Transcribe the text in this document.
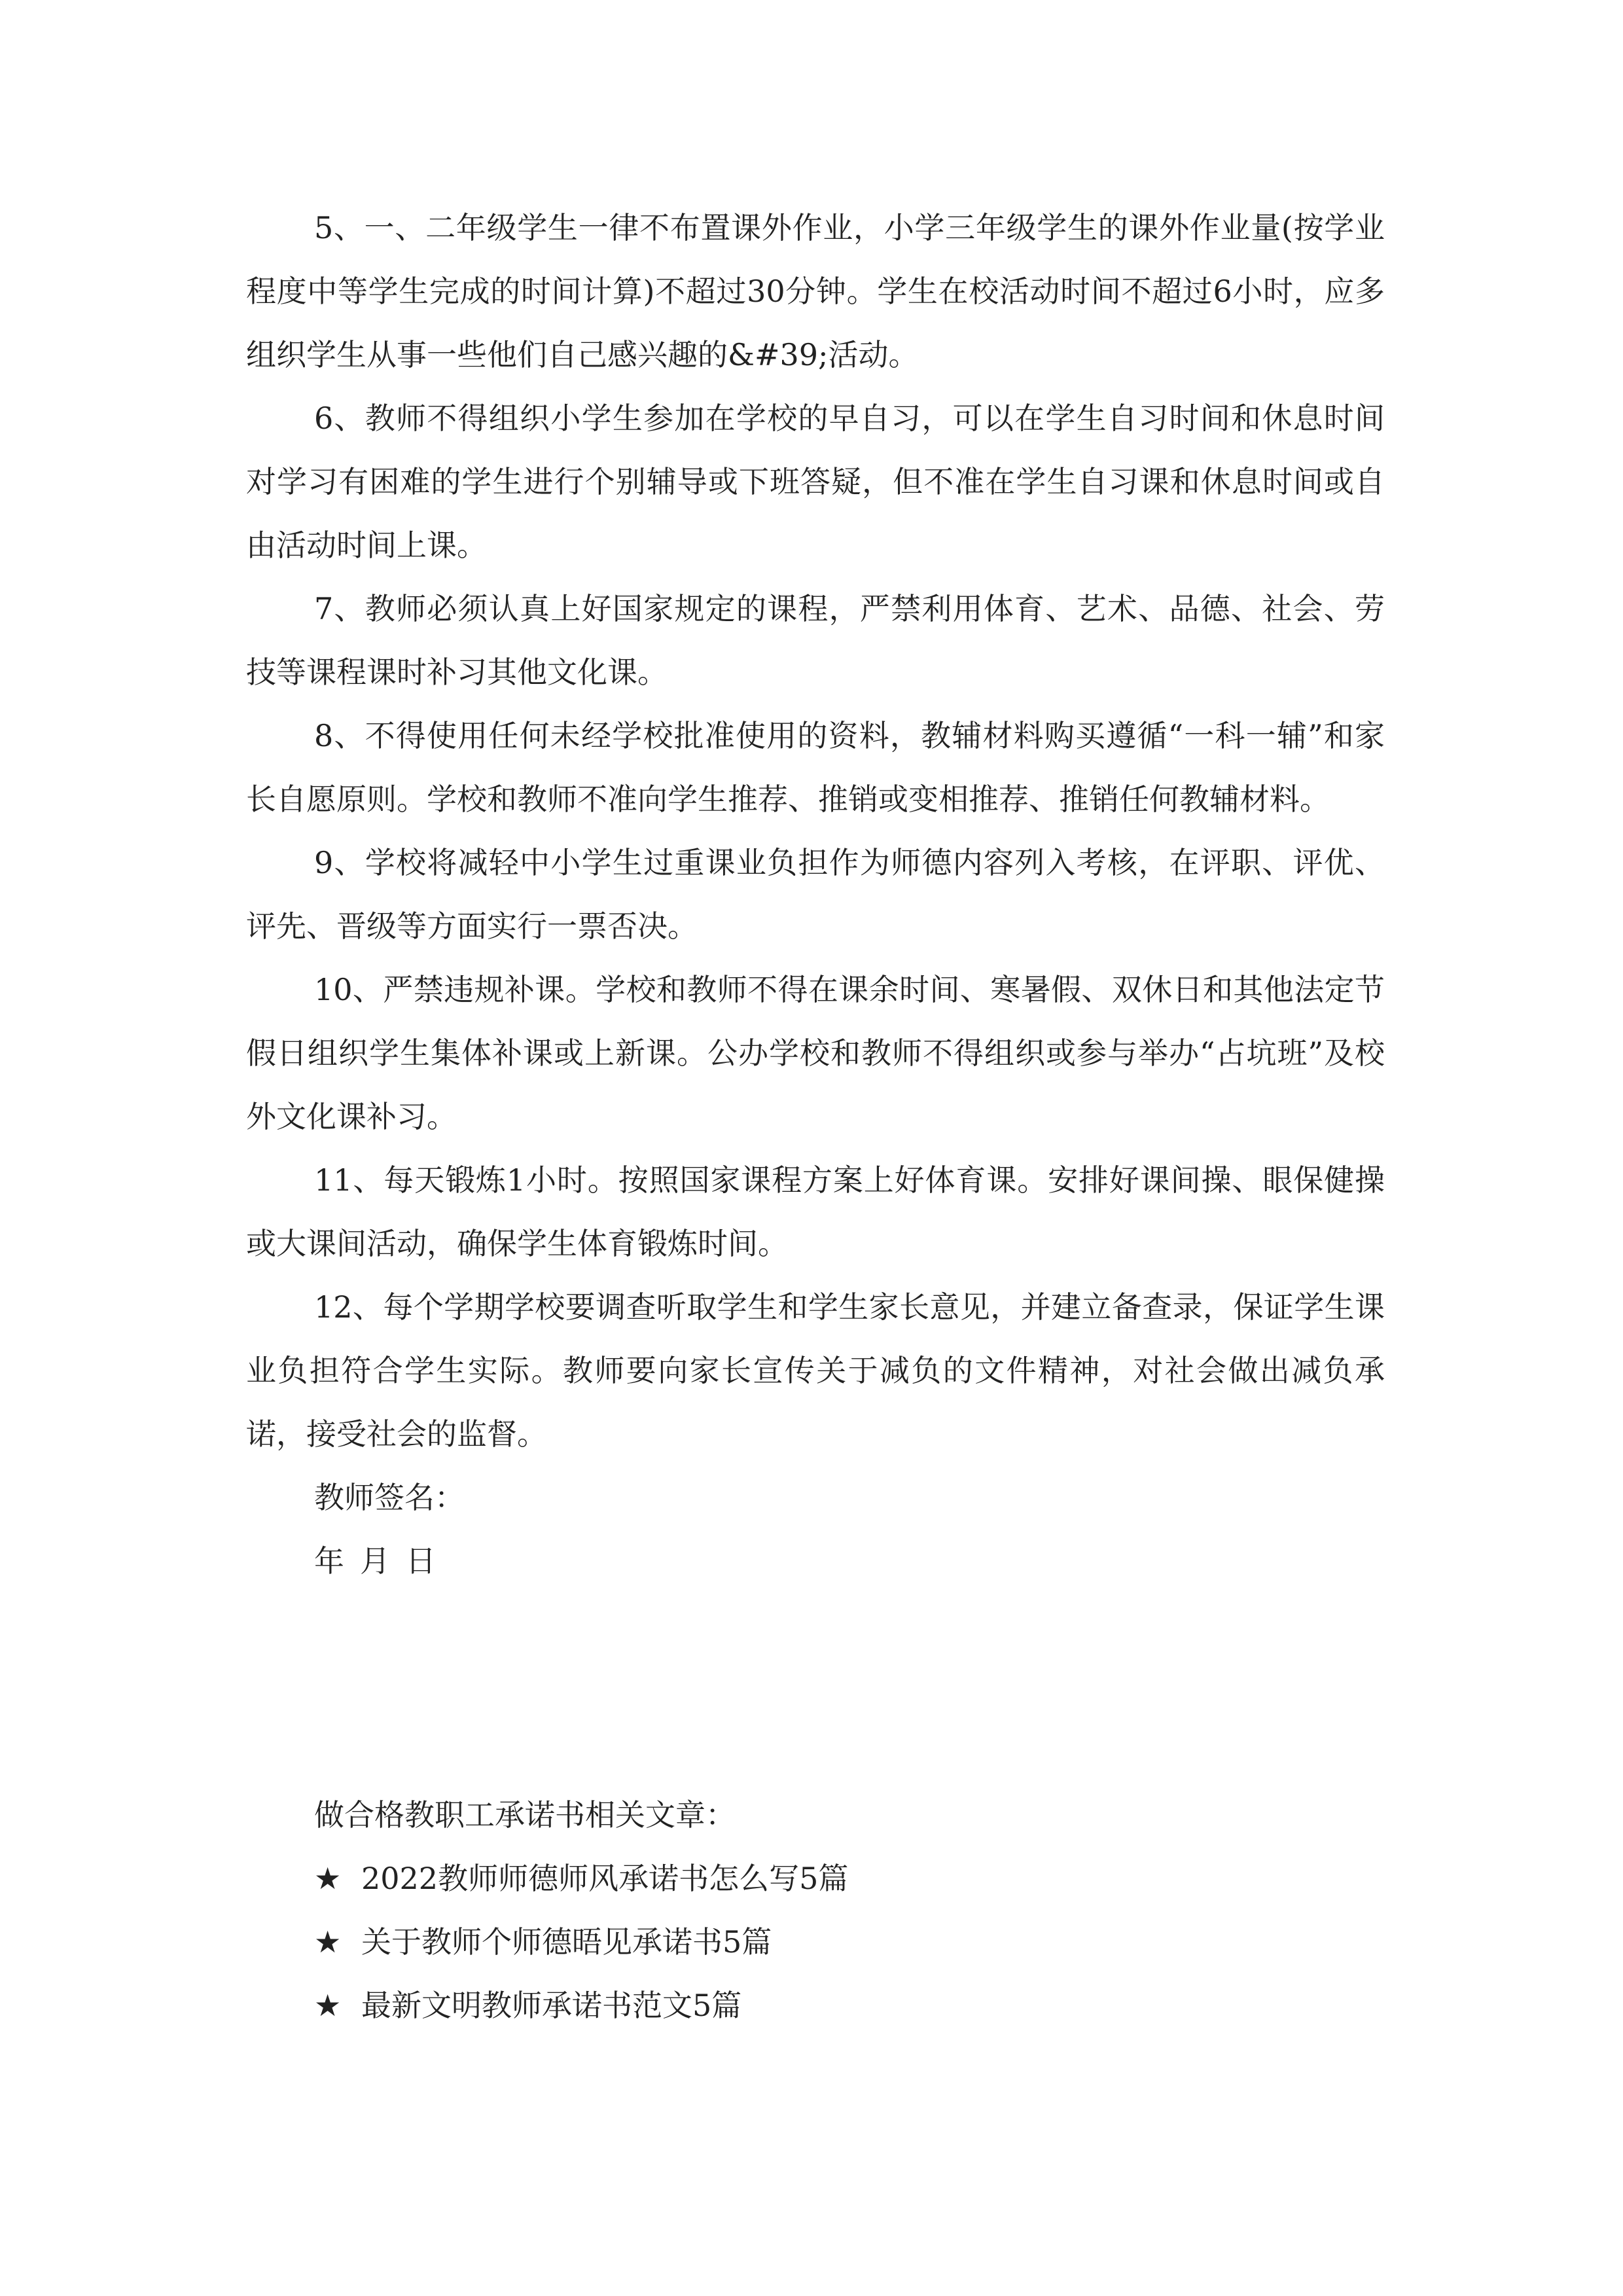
5、一、二年级学生一律不布置课外作业，小学三年级学生的课外作业量(按学业程度中等学生完成的时间计算)不超过30分钟。学生在校活动时间不超过6小时，应多组织学生从事一些他们自己感兴趣的&#39;活动。

6、教师不得组织小学生参加在学校的早自习，可以在学生自习时间和休息时间对学习有困难的学生进行个别辅导或下班答疑，但不准在学生自习课和休息时间或自由活动时间上课。

7、教师必须认真上好国家规定的课程，严禁利用体育、艺术、品德、社会、劳技等课程课时补习其他文化课。

8、不得使用任何未经学校批准使用的资料，教辅材料购买遵循“一科一辅”和家长自愿原则。学校和教师不准向学生推荐、推销或变相推荐、推销任何教辅材料。

9、学校将减轻中小学生过重课业负担作为师德内容列入考核，在评职、评优、评先、晋级等方面实行一票否决。

10、严禁违规补课。学校和教师不得在课余时间、寒暑假、双休日和其他法定节假日组织学生集体补课或上新课。公办学校和教师不得组织或参与举办“占坑班”及校外文化课补习。

11、每天锻炼1小时。按照国家课程方案上好体育课。安排好课间操、眼保健操或大课间活动，确保学生体育锻炼时间。

12、每个学期学校要调查听取学生和学生家长意见，并建立备查录，保证学生课业负担符合学生实际。教师要向家长宣传关于减负的文件精神，对社会做出减负承诺，接受社会的监督。

教师签名：

年 月 日

做合格教职工承诺书相关文章：

★ 2022教师师德师风承诺书怎么写5篇

★ 关于教师个师德晤见承诺书5篇

★ 最新文明教师承诺书范文5篇
